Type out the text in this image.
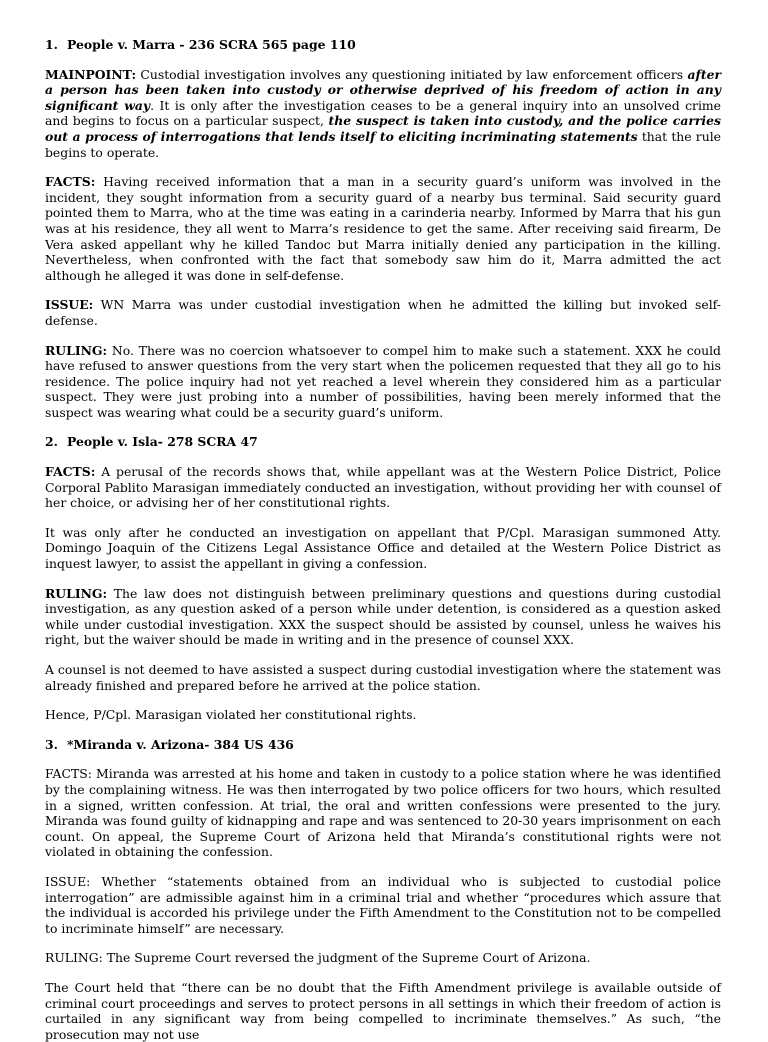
1. People v. Marra - 236 SCRA 565 page 110

MAINPOINT: Custodial investigation involves any questioning initiated by law enforcement officers after a person has been taken into custody or otherwise deprived of his freedom of action in any significant way. It is only after the investigation ceases to be a general inquiry into an unsolved crime and begins to focus on a particular suspect, the suspect is taken into custody, and the police carries out a process of interrogations that lends itself to eliciting incriminating statements that the rule begins to operate.

FACTS: Having received information that a man in a security guard’s uniform was involved in the incident, they sought information from a security guard of a nearby bus terminal. Said security guard pointed them to Marra, who at the time was eating in a carinderia nearby. Informed by Marra that his gun was at his residence, they all went to Marra’s residence to get the same. After receiving said firearm, De Vera asked appellant why he killed Tandoc but Marra initially denied any participation in the killing. Nevertheless, when confronted with the fact that somebody saw him do it, Marra admitted the act although he alleged it was done in self-defense.

ISSUE: WN Marra was under custodial investigation when he admitted the killing but invoked self-defense.

RULING: No. There was no coercion whatsoever to compel him to make such a statement. XXX he could have refused to answer questions from the very start when the policemen requested that they all go to his residence. The police inquiry had not yet reached a level wherein they considered him as a particular suspect. They were just probing into a number of possibilities, having been merely informed that the suspect was wearing what could be a security guard’s uniform.

2. People v. Isla- 278 SCRA 47

FACTS: A perusal of the records shows that, while appellant was at the Western Police District, Police Corporal Pablito Marasigan immediately conducted an investigation, without providing her with counsel of her choice, or advising her of her constitutional rights.

It was only after he conducted an investigation on appellant that P/Cpl. Marasigan summoned Atty. Domingo Joaquin of the Citizens Legal Assistance Office and detailed at the Western Police District as inquest lawyer, to assist the appellant in giving a confession.

RULING: The law does not distinguish between preliminary questions and questions during custodial investigation, as any question asked of a person while under detention, is considered as a question asked while under custodial investigation. XXX the suspect should be assisted by counsel, unless he waives his right, but the waiver should be made in writing and in the presence of counsel XXX.

A counsel is not deemed to have assisted a suspect during custodial investigation where the statement was already finished and prepared before he arrived at the police station.

Hence, P/Cpl. Marasigan violated her constitutional rights.

3. *Miranda v. Arizona- 384 US 436

FACTS: Miranda was arrested at his home and taken in custody to a police station where he was identified by the complaining witness. He was then interrogated by two police officers for two hours, which resulted in a signed, written confession. At trial, the oral and written confessions were presented to the jury. Miranda was found guilty of kidnapping and rape and was sentenced to 20-30 years imprisonment on each count. On appeal, the Supreme Court of Arizona held that Miranda’s constitutional rights were not violated in obtaining the confession.

ISSUE: Whether “statements obtained from an individual who is subjected to custodial police interrogation” are admissible against him in a criminal trial and whether “procedures which assure that the individual is accorded his privilege under the Fifth Amendment to the Constitution not to be compelled to incriminate himself” are necessary.

RULING: The Supreme Court reversed the judgment of the Supreme Court of Arizona.

The Court held that “there can be no doubt that the Fifth Amendment privilege is available outside of criminal court proceedings and serves to protect persons in all settings in which their freedom of action is curtailed in any significant way from being compelled to incriminate themselves.” As such, “the prosecution may not use
